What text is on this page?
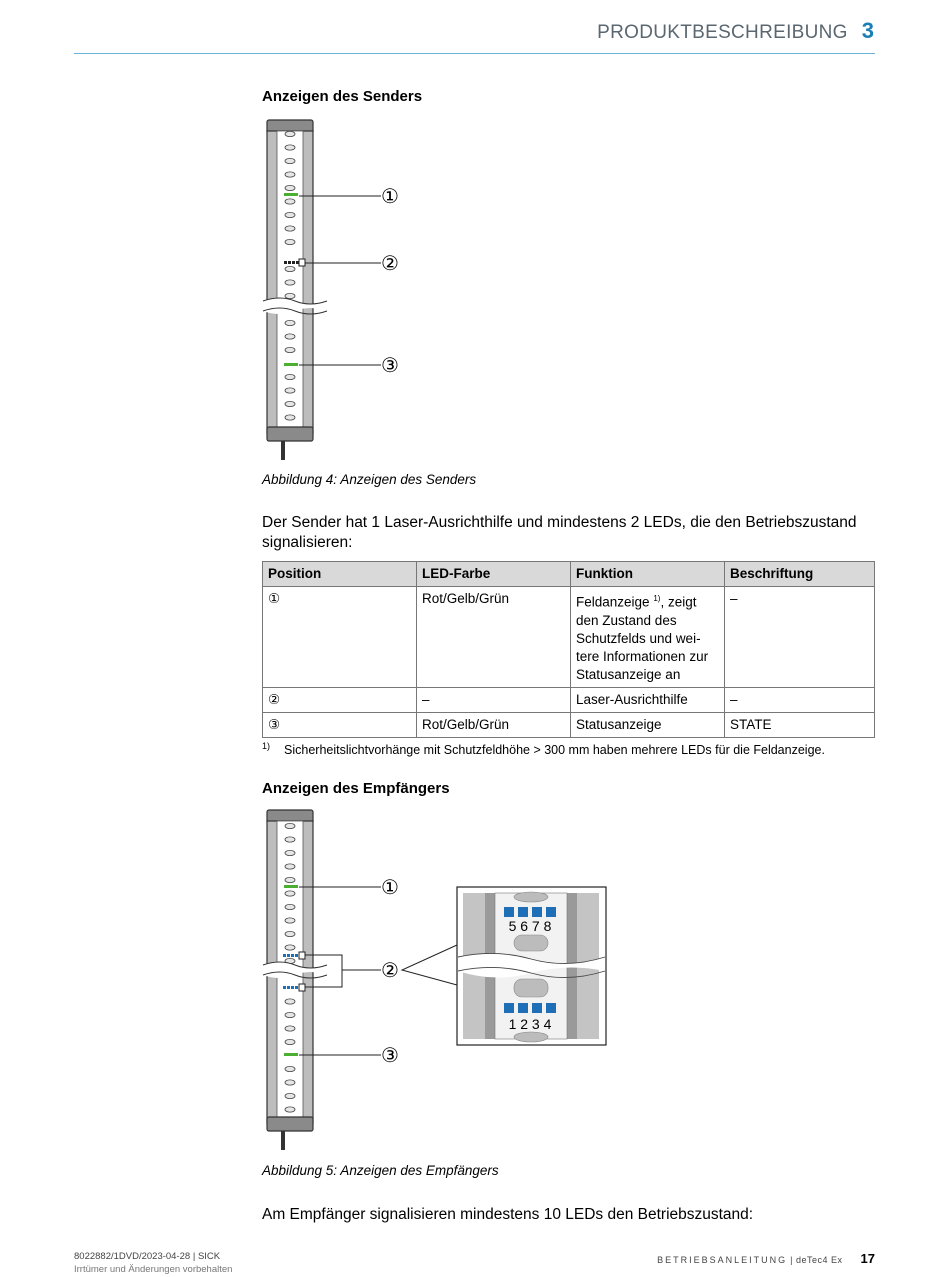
PRODUKTBESCHREIBUNG 3
Anzeigen des Senders
①
②
③
Abbildung 4: Anzeigen des Senders
Der Sender hat 1 Laser-Ausrichthilfe und mindestens 2 LEDs, die den Betriebszustand signalisieren:
Position	LED-Farbe	Funktion	Beschriftung
①	Rot/Gelb/Grün	Feldanzeige $^{1)}$, zeigt den Zustand des Schutzfelds und weitere Informationen zur Statusanzeige an	–
②	–	Laser-Ausrichthilfe	–
③	Rot/Gelb/Grün	Statusanzeige	STATE
1) Sicherheitslichtvorhänge mit Schutzfeldhöhe > 300 mm haben mehrere LEDs für die Feldanzeige.
Anzeigen des Empfängers
①
②
③
5 6 7 8
1 2 3 4
Abbildung 5: Anzeigen des Empfängers
Am Empfänger signalisieren mindestens 10 LEDs den Betriebszustand:
8022882/1DVD/2023-04-28 | SICK
Irrtümer und Änderungen vorbehalten
BETRIEBSANLEITUNG | deTec4 Ex 17
